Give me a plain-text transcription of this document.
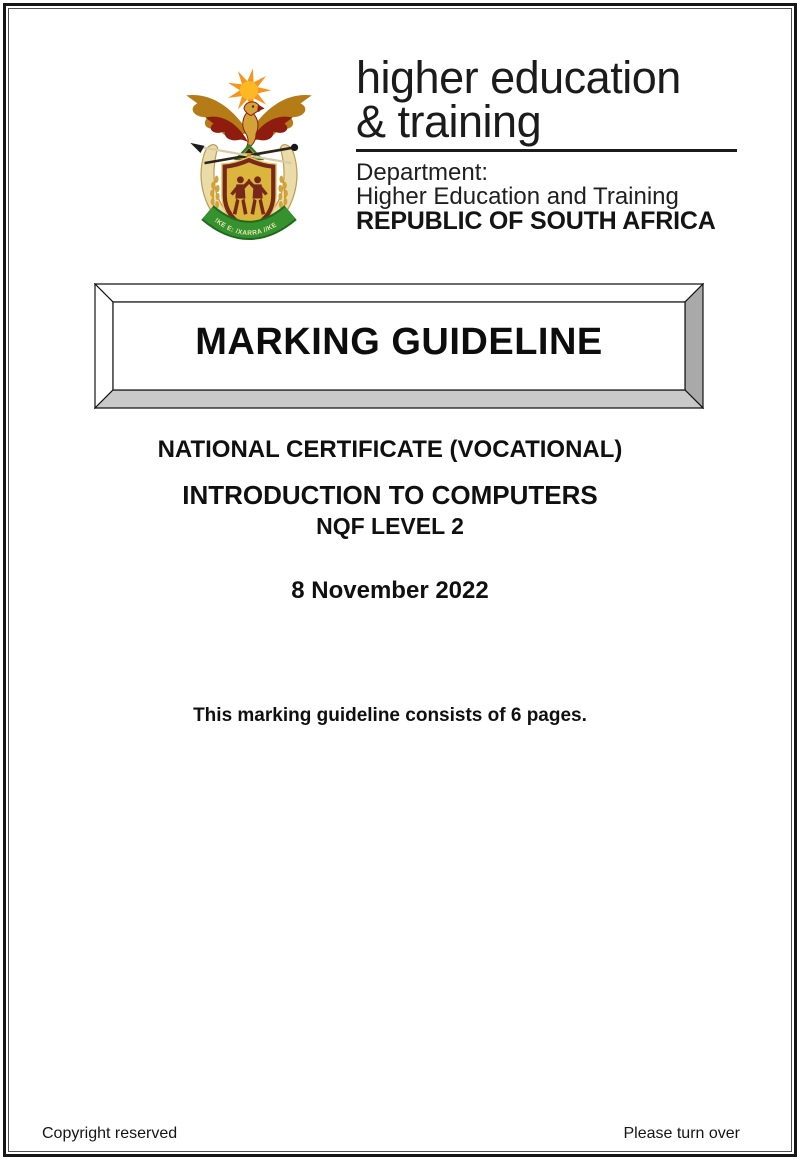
!KE E: /XARRA //KE
higher education
& training
Department:
Higher Education and Training
REPUBLIC OF SOUTH AFRICA
MARKING GUIDELINE
NATIONAL CERTIFICATE (VOCATIONAL)
INTRODUCTION TO COMPUTERS
NQF LEVEL 2
8 November 2022
This marking guideline consists of 6 pages.
Copyright reserved	Please turn over
